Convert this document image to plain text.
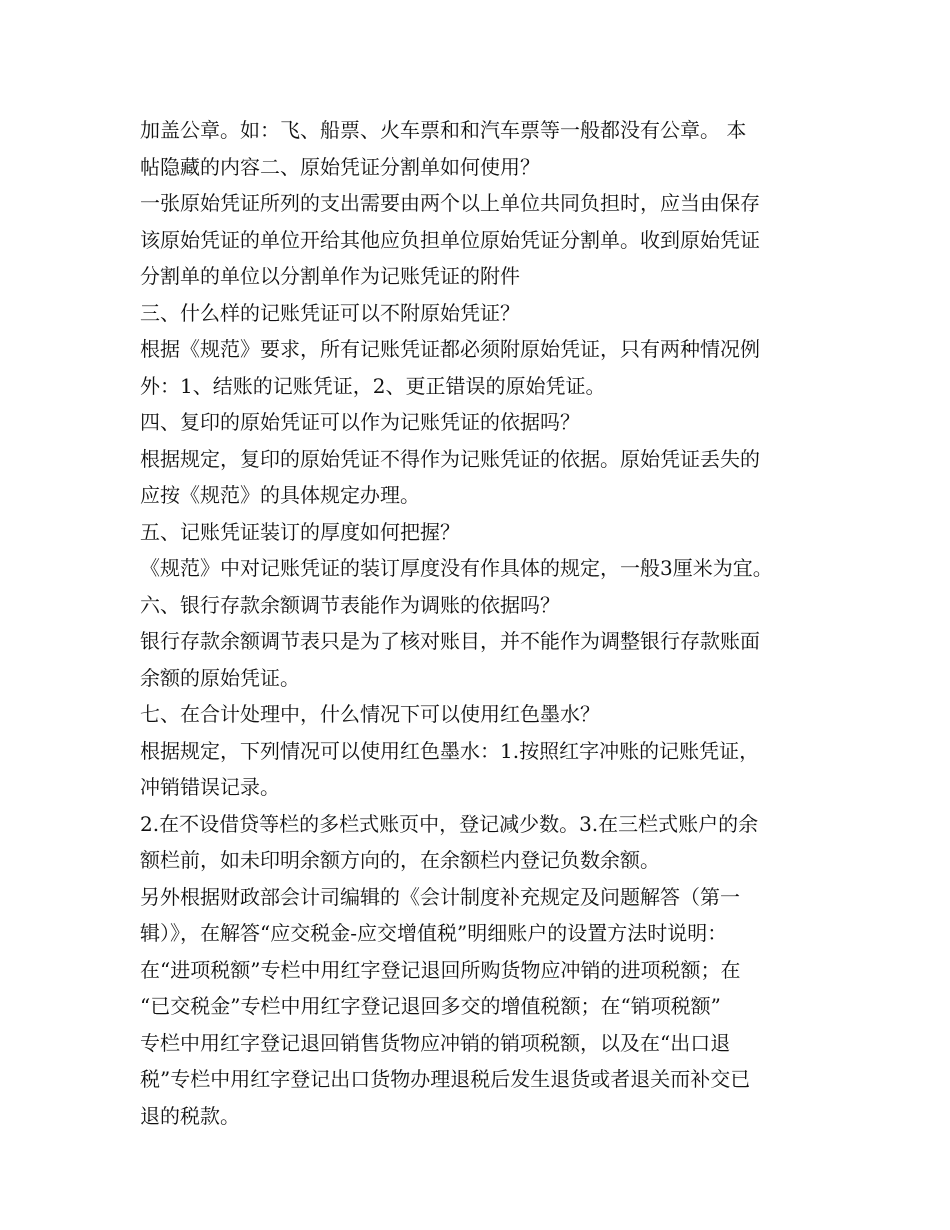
加盖公章。如：飞、船票、火车票和和汽车票等一般都没有公章。 本
帖隐藏的内容二、原始凭证分割单如何使用？
一张原始凭证所列的支出需要由两个以上单位共同负担时，应当由保存
该原始凭证的单位开给其他应负担单位原始凭证分割单。收到原始凭证
分割单的单位以分割单作为记账凭证的附件
三、什么样的记账凭证可以不附原始凭证？
根据《规范》要求，所有记账凭证都必须附原始凭证，只有两种情况例
外：1、结账的记账凭证，2、更正错误的原始凭证。
四、复印的原始凭证可以作为记账凭证的依据吗？
根据规定，复印的原始凭证不得作为记账凭证的依据。原始凭证丢失的
应按《规范》的具体规定办理。
五、记账凭证装订的厚度如何把握？
《规范》中对记账凭证的装订厚度没有作具体的规定，一般3厘米为宜。
六、银行存款余额调节表能作为调账的依据吗？
银行存款余额调节表只是为了核对账目，并不能作为调整银行存款账面
余额的原始凭证。
七、在合计处理中，什么情况下可以使用红色墨水？
根据规定，下列情况可以使用红色墨水：1.按照红字冲账的记账凭证，
冲销错误记录。
2.在不设借贷等栏的多栏式账页中，登记减少数。3.在三栏式账户的余
额栏前，如未印明余额方向的，在余额栏内登记负数余额。
另外根据财政部会计司编辑的《会计制度补充规定及问题解答（第一
辑）》，在解答“应交税金-应交增值税”明细账户的设置方法时说明：
在“进项税额”专栏中用红字登记退回所购货物应冲销的进项税额；在
“已交税金”专栏中用红字登记退回多交的增值税额；在“销项税额”
专栏中用红字登记退回销售货物应冲销的销项税额，以及在“出口退
税”专栏中用红字登记出口货物办理退税后发生退货或者退关而补交已
退的税款。
